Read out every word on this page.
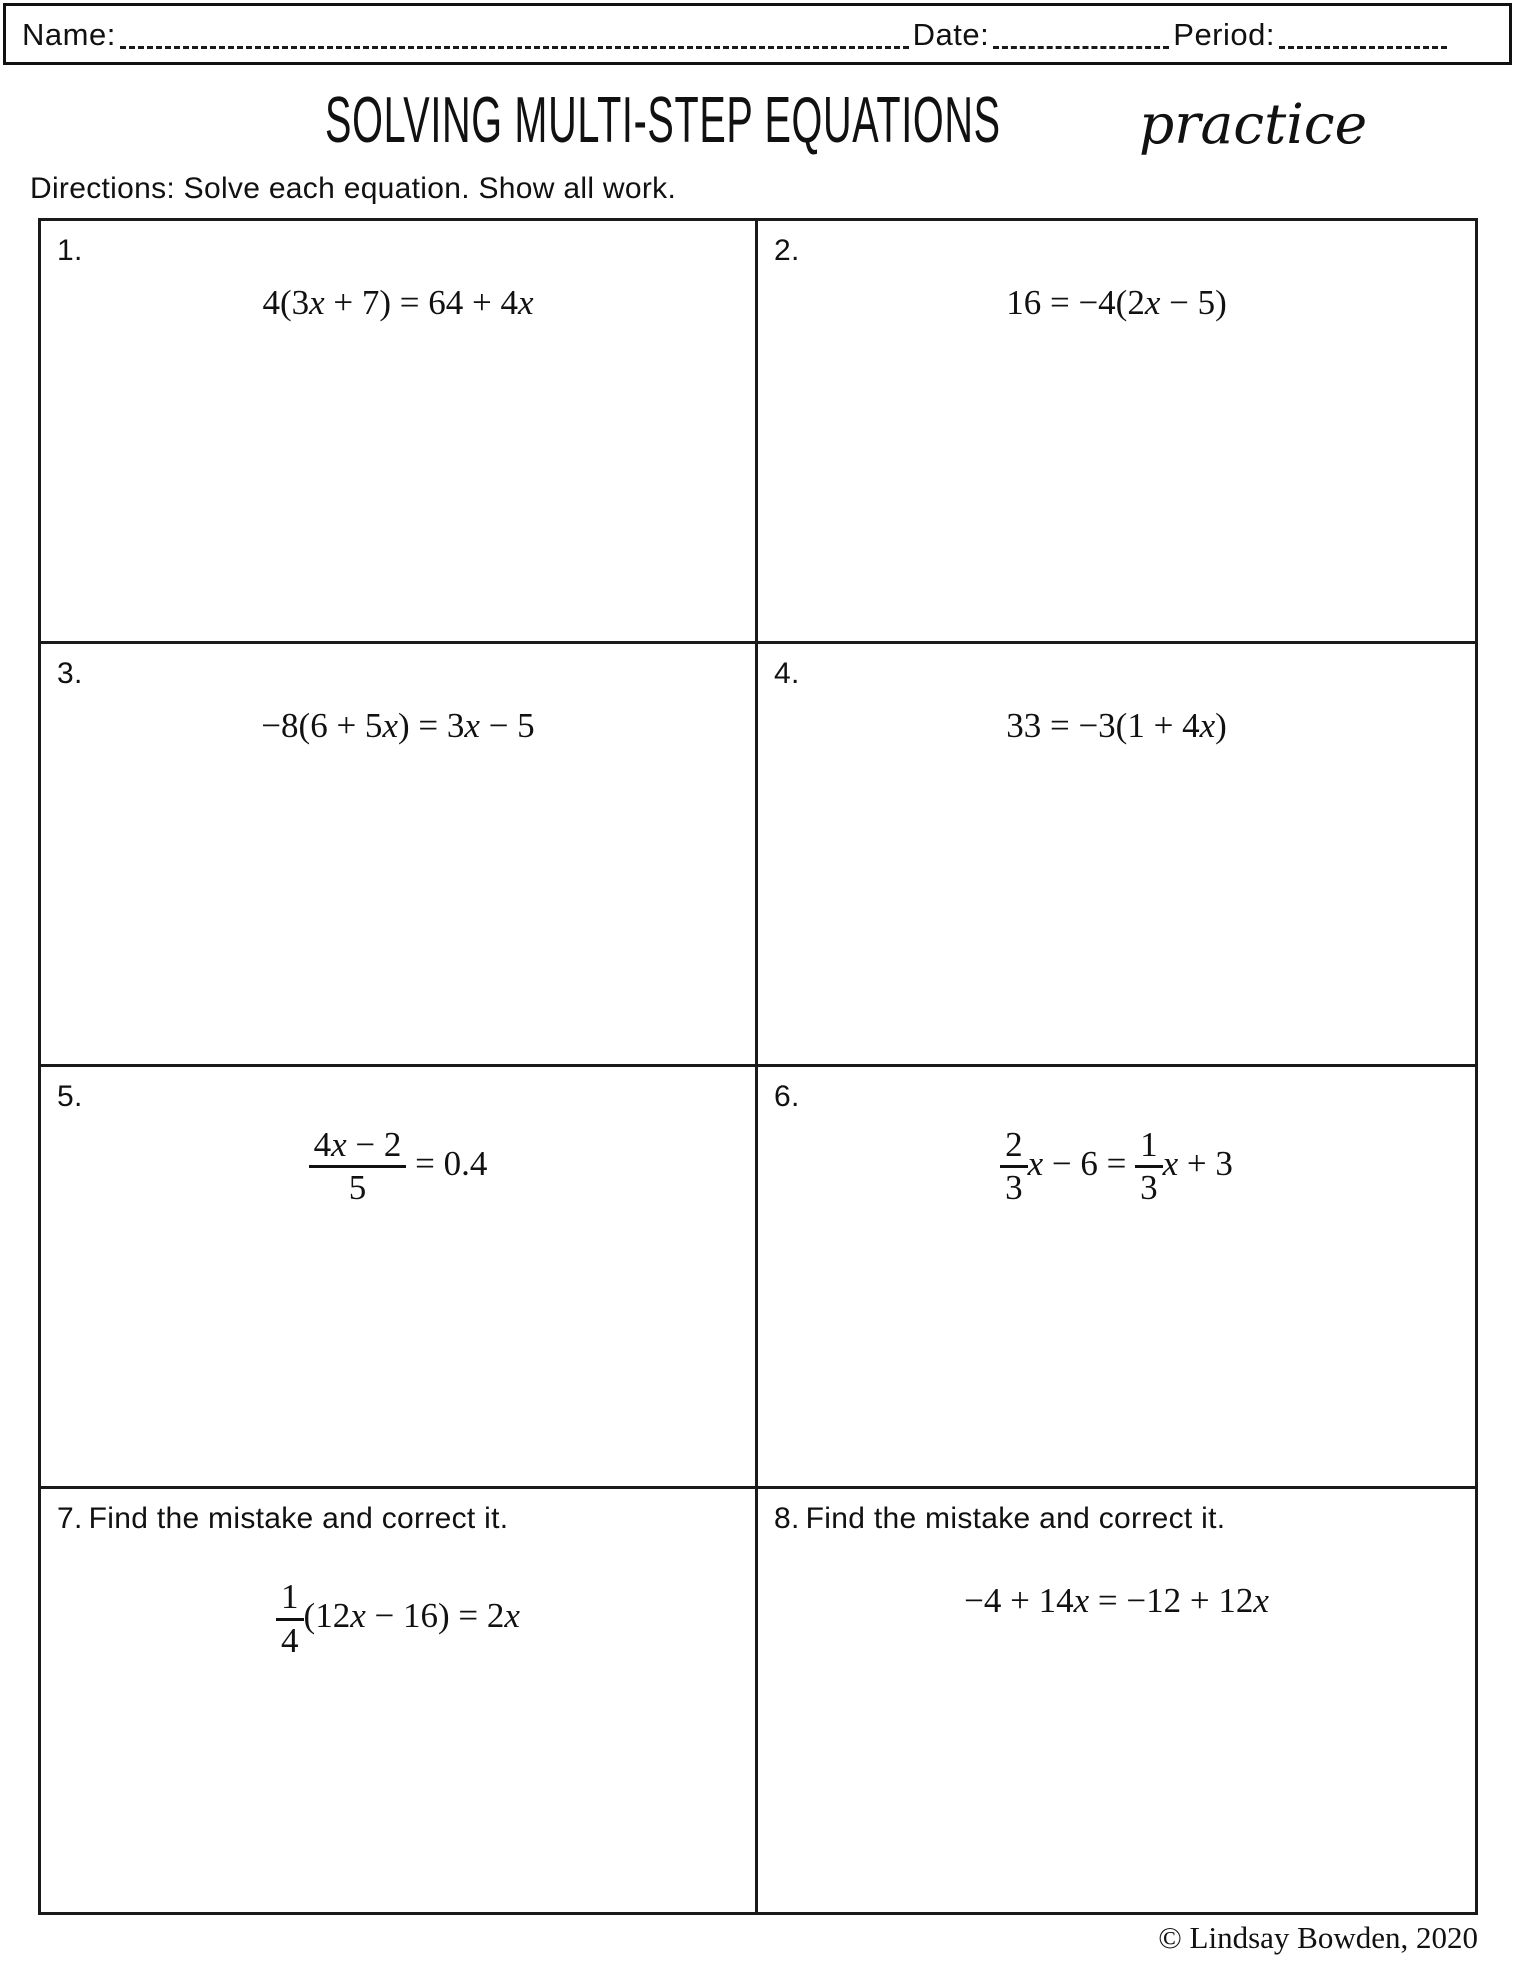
Name:	Date:	Period:
SOLVING MULTI-STEP EQUATIONS	practice
Directions: Solve each equation. Show all work.
1.
4(3x + 7) = 64 + 4x
2.
16 = −4(2x − 5)
3.
−8(6 + 5x) = 3x − 5
4.
33 = −3(1 + 4x)
5.
$\frac{4x - 2}{5} = 0.4$
6.
$\frac{2}{3}$ $x - 6 = \frac{1}{3}$ x + 3
7. Find the mistake and correct it.
$\frac{1}{4} (12x - 16) = 2x$
8. Find the mistake and correct it.
−4 + 14x = −12 + 12x
© Lindsay Bowden, 2020
